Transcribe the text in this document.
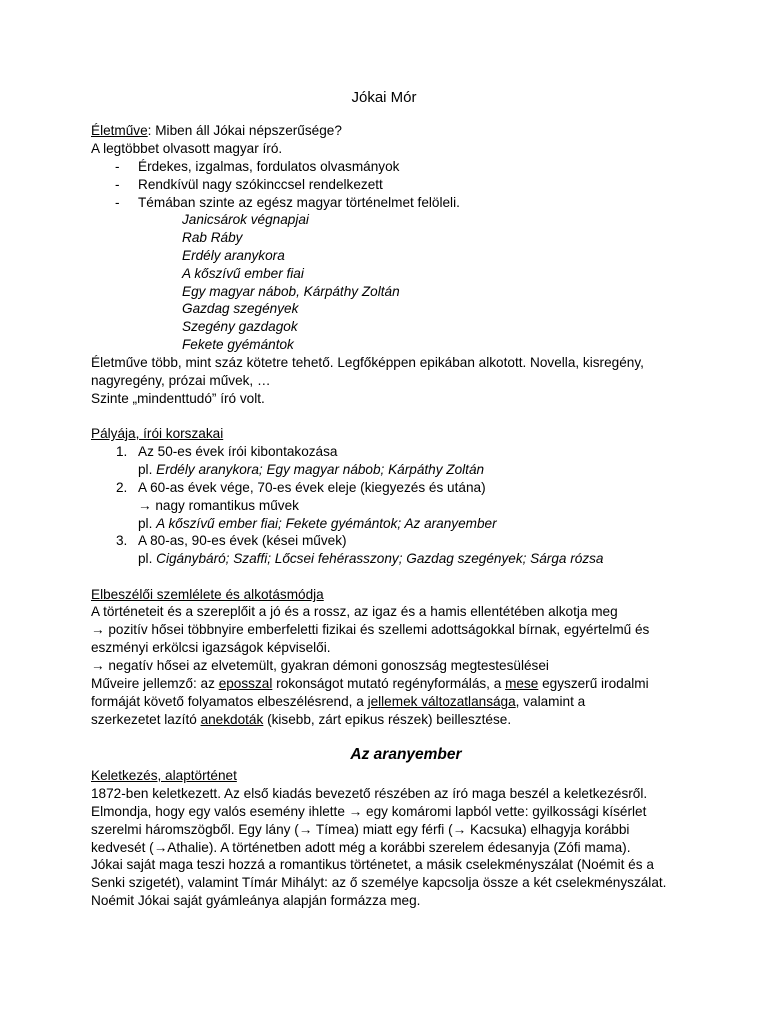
Jókai Mór
Életműve: Miben áll Jókai népszerűsége?
A legtöbbet olvasott magyar író.
- Érdekes, izgalmas, fordulatos olvasmányok
- Rendkívül nagy szókinccsel rendelkezett
- Témában szinte az egész magyar történelmet felöleli.
Janicsárok végnapjai
Rab Ráby
Erdély aranykora
A kőszívű ember fiai
Egy magyar nábob, Kárpáthy Zoltán
Gazdag szegények
Szegény gazdagok
Fekete gyémántok
Életműve több, mint száz kötetre tehető. Legfőképpen epikában alkotott. Novella, kisregény,
nagyregény, prózai művek, …
Szinte „mindenttudó” író volt.
Pályája, írói korszakai
1. Az 50-es évek írói kibontakozása
pl. Erdély aranykora; Egy magyar nábob; Kárpáthy Zoltán
2. A 60-as évek vége, 70-es évek eleje (kiegyezés és utána)
→ nagy romantikus művek
pl. A kőszívű ember fiai; Fekete gyémántok; Az aranyember
3. A 80-as, 90-es évek (kései művek)
pl. Cigánybáró; Szaffi; Lőcsei fehérasszony; Gazdag szegények; Sárga rózsa
Elbeszélői szemlélete és alkotásmódja
A történeteit és a szereplőit a jó és a rossz, az igaz és a hamis ellentétében alkotja meg
→ pozitív hősei többnyire emberfeletti fizikai és szellemi adottságokkal bírnak, egyértelmű és
eszményi erkölcsi igazságok képviselői.
→ negatív hősei az elvetemült, gyakran démoni gonoszság megtestesülései
Műveire jellemző: az eposszal rokonságot mutató regényformálás, a mese egyszerű irodalmi
formáját követő folyamatos elbeszélésrend, a jellemek változatlansága, valamint a
szerkezetet lazító anekdoták (kisebb, zárt epikus részek) beillesztése.
Az aranyember
Keletkezés, alaptörténet
1872-ben keletkezett. Az első kiadás bevezető részében az író maga beszél a keletkezésről.
Elmondja, hogy egy valós esemény ihlette → egy komáromi lapból vette: gyilkossági kísérlet
szerelmi háromszögből. Egy lány (→ Tímea) miatt egy férfi (→ Kacsuka) elhagyja korábbi
kedvesét (→Athalie). A történetben adott még a korábbi szerelem édesanyja (Zófi mama).
Jókai saját maga teszi hozzá a romantikus történetet, a másik cselekményszálat (Noémit és a
Senki szigetét), valamint Tímár Mihályt: az ő személye kapcsolja össze a két cselekményszálat.
Noémit Jókai saját gyámleánya alapján formázza meg.
